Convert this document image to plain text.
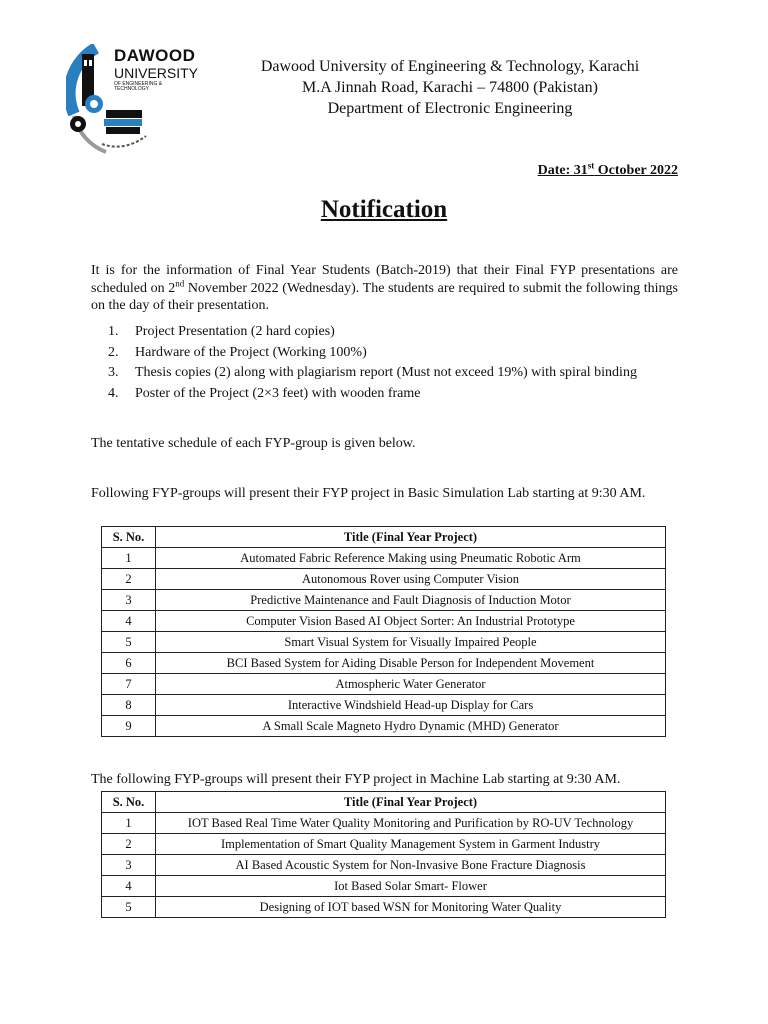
DAWOOD
UNIVERSITY
OF ENGINEERING & TECHNOLOGY
Dawood University of Engineering & Technology, Karachi
M.A Jinnah Road, Karachi – 74800 (Pakistan)
Department of Electronic Engineering
Date: 31st October 2022
Notification
It is for the information of Final Year Students (Batch-2019) that their Final FYP presentations are scheduled on 2nd November 2022 (Wednesday). The students are required to submit the following things on the day of their presentation.
1.	Project Presentation (2 hard copies)
2.	Hardware of the Project (Working 100%)
3.	Thesis copies (2) along with plagiarism report (Must not exceed 19%) with spiral binding
4.	Poster of the Project (2×3 feet) with wooden frame
The tentative schedule of each FYP-group is given below.
Following FYP-groups will present their FYP project in Basic Simulation Lab starting at 9:30 AM.
S. No.	Title (Final Year Project)
1	Automated Fabric Reference Making using Pneumatic Robotic Arm
2	Autonomous Rover using Computer Vision
3	Predictive Maintenance and Fault Diagnosis of Induction Motor
4	Computer Vision Based AI Object Sorter: An Industrial Prototype
5	Smart Visual System for Visually Impaired People
6	BCI Based System for Aiding Disable Person for Independent Movement
7	Atmospheric Water Generator
8	Interactive Windshield Head-up Display for Cars
9	A Small Scale Magneto Hydro Dynamic (MHD) Generator
The following FYP-groups will present their FYP project in Machine Lab starting at 9:30 AM.
S. No.	Title (Final Year Project)
1	IOT Based Real Time Water Quality Monitoring and Purification by RO-UV Technology
2	Implementation of Smart Quality Management System in Garment Industry
3	AI Based Acoustic System for Non-Invasive Bone Fracture Diagnosis
4	Iot Based Solar Smart- Flower
5	Designing of IOT based WSN for Monitoring Water Quality
